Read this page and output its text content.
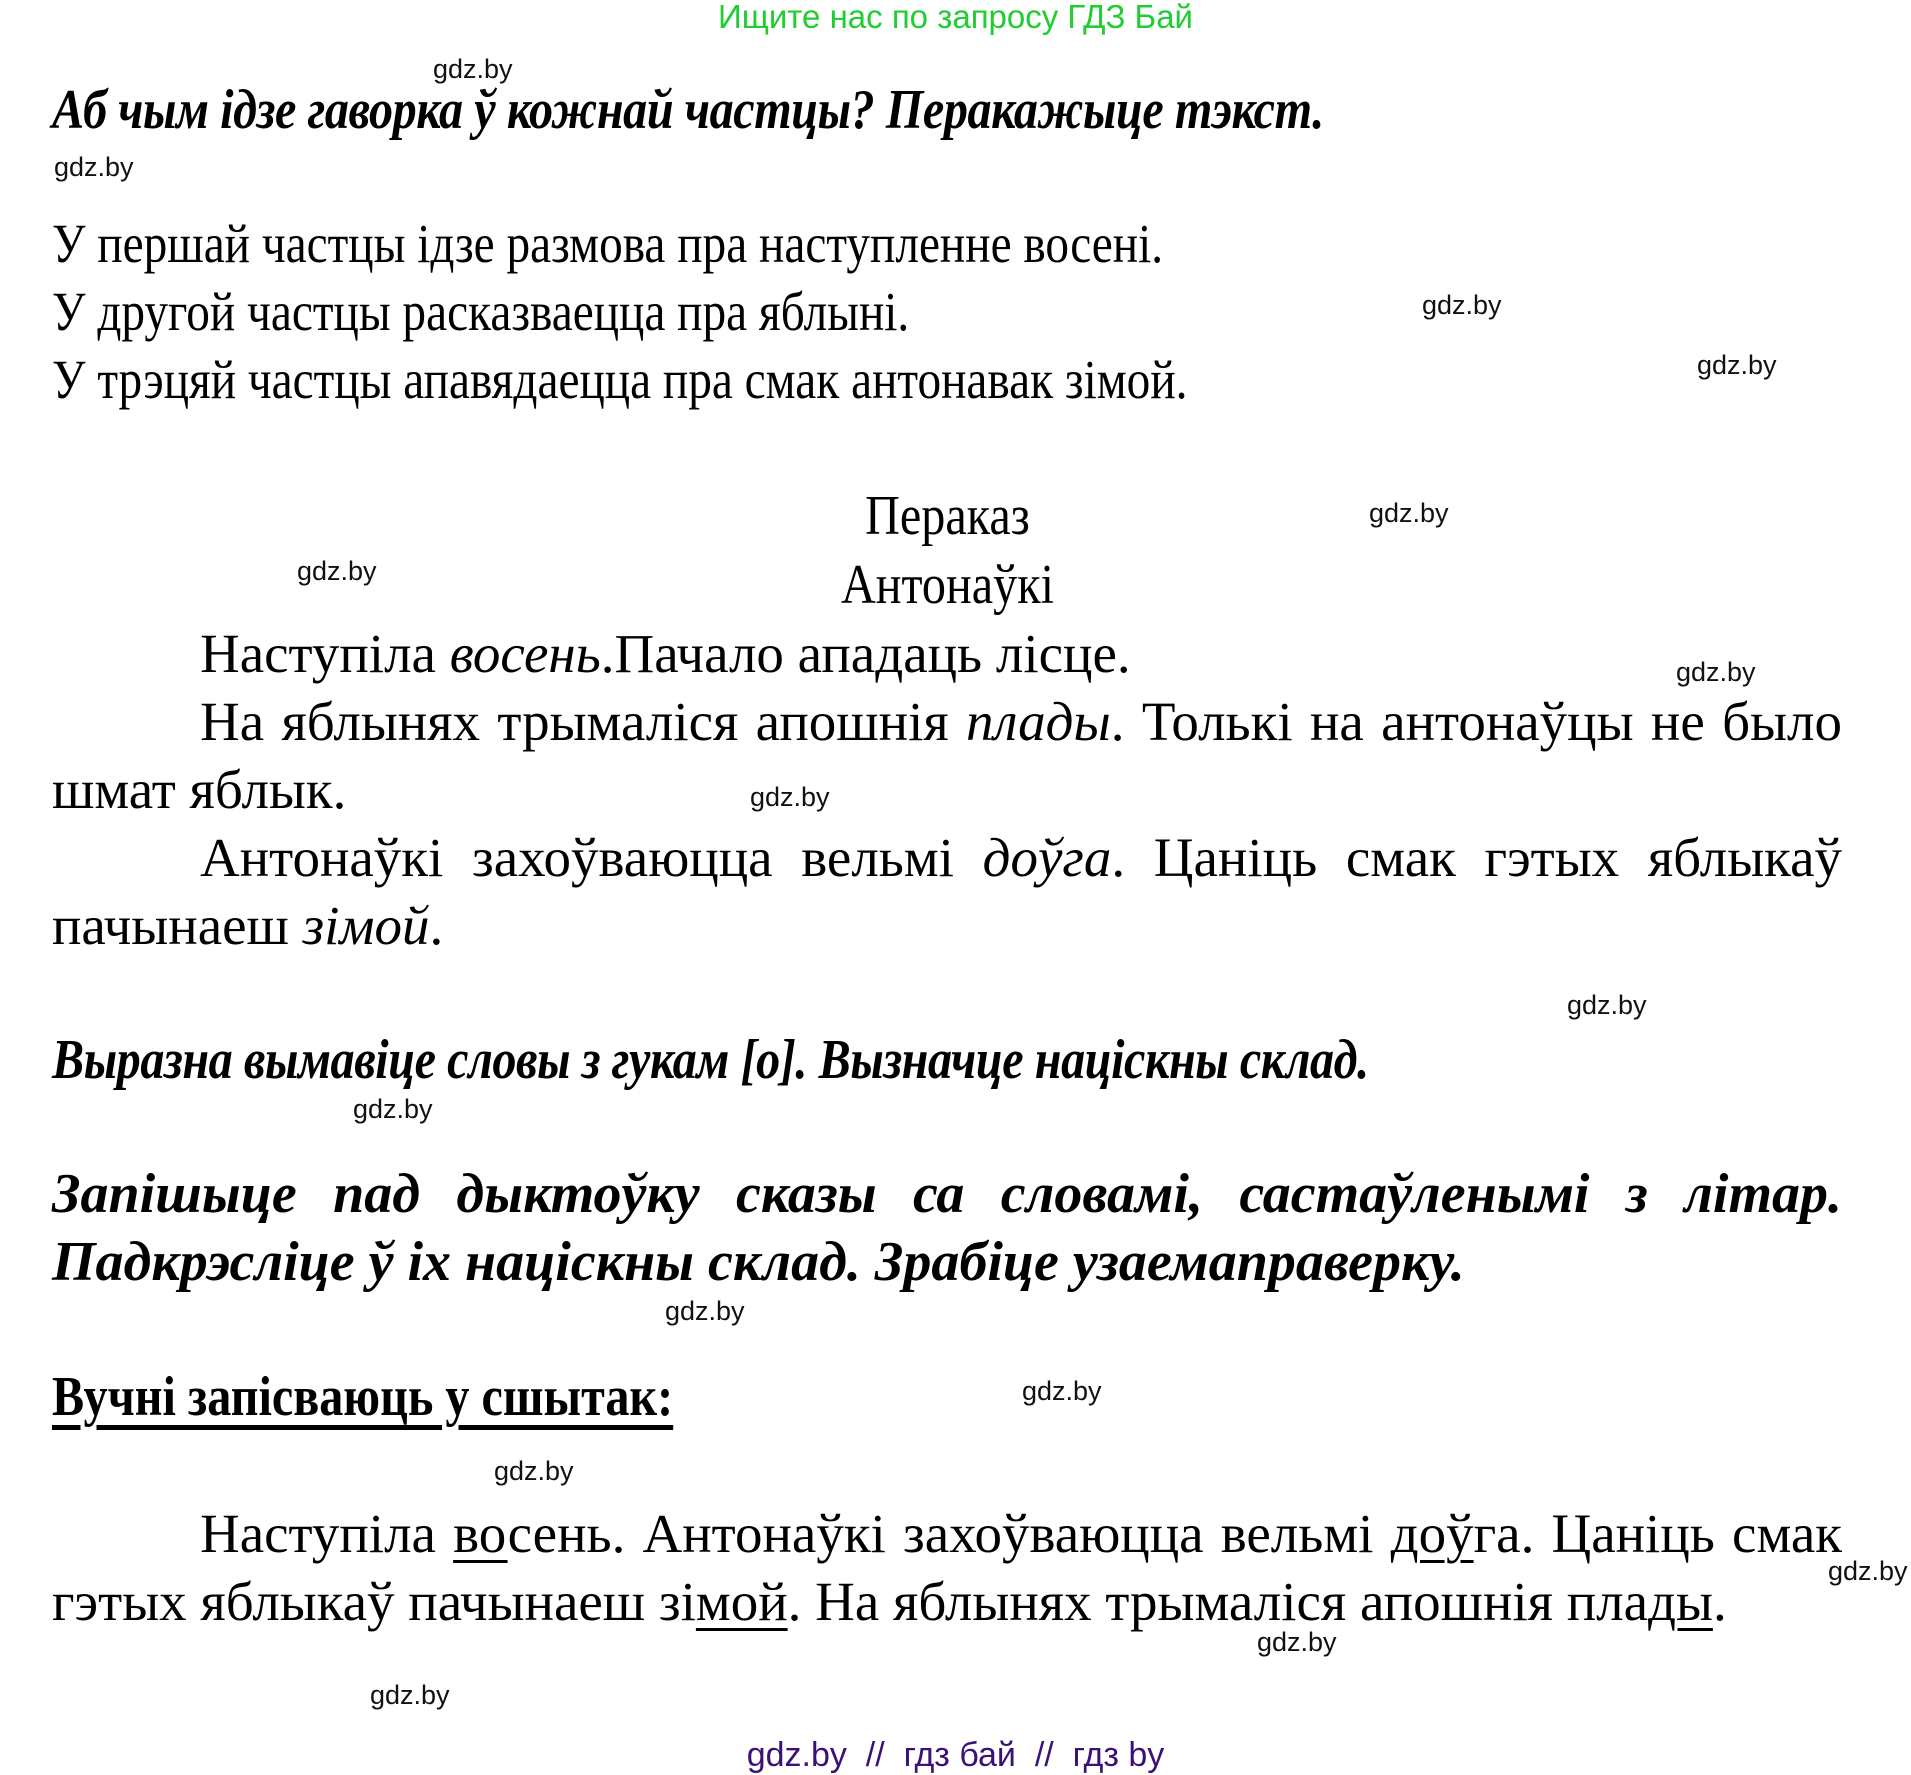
Ищите нас по запросу ГДЗ Бай
gdz.by
gdz.by
gdz.by
gdz.by
gdz.by
gdz.by
gdz.by
gdz.by
gdz.by
gdz.by
gdz.by
gdz.by
gdz.by
gdz.by
gdz.by
gdz.by
Аб чым ідзе гаворка ў кожнай частцы? Перакажыце тэкст.
У першай частцы ідзе размова пра наступленне восені.
У другой частцы расказваецца пра яблыні.
У трэцяй частцы апавядаецца пра смак антонавак зімой.
Пераказ
Антонаўкі

Наступіла восень.Пачало ападаць лісце.

На яблынях трымаліся апошнія плады. Толькі на антонаўцы не было шмат яблык.

Антонаўкі захоўваюцца вельмі доўга. Цаніць смак гэтых яблыкаў пачынаеш зімой.

Выразна вымавіце словы з гукам [о]. Вызначце націскны склад.
Запішыце пад дыктоўку сказы са словамі, састаўленымі з літар. Падкрэсліце ў іх націскны склад. Зрабіце узаемаправерку.
Вучні запісваюць у сшытак:

Наступіла восень. Антонаўкі захоўваюцца вельмі доўга. Цаніць смак гэтых яблыкаў пачынаеш зімой. На яблынях трымаліся апошнія плады.

gdz.by  //  гдз бай  //  гдз by
